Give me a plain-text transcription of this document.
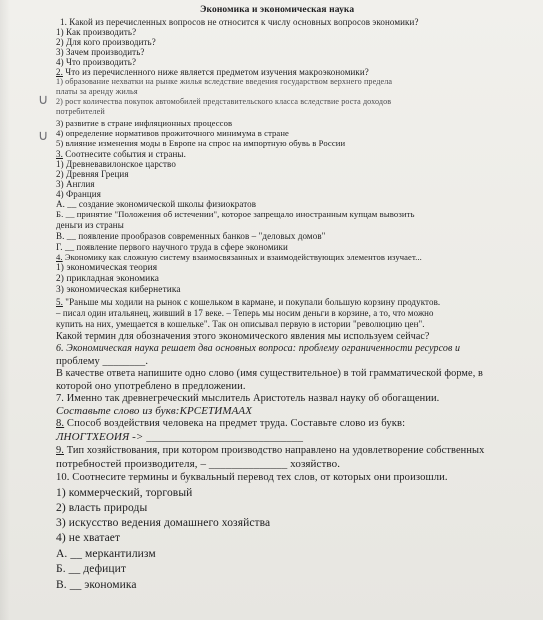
Экономика и экономическая наука
1. Какой из перечисленных вопросов не относится к числу основных вопросов экономики?
1) Как производить?
2) Для кого производить?
3) Зачем производить?
4) Что производить?
2. Что из перечисленного ниже является предметом изучения макроэкономики?
1) образование нехватки на рынке жилья вследствие введения государством верхнего предела
платы за аренду жилья
2) рост количества покупок автомобилей представительского класса вследствие роста доходов
потребителей
3) развитие в стране инфляционных процессов
4) определение нормативов прожиточного минимума в стране
5) влияние изменения моды в Европе на спрос на импортную обувь в России
3. Соотнесите события и страны.
1) Древневавилонское царство
2) Древняя Греция
3) Англия
4) Франция
А. __ создание экономической школы физиократов
Б. __ принятие "Положения об истечении", которое запрещало иностранным купцам вывозить
деньги из страны
В. __ появление прообразов современных банков – "деловых домов"
Г. __ появление первого научного труда в сфере экономики
4. Экономику как сложную систему взаимосвязанных и взаимодействующих элементов изучает...
1) экономическая теория
2) прикладная экономика
3) экономическая кибернетика
5. "Раньше мы ходили на рынок с кошельком в кармане, и покупали большую корзину продуктов.
– писал один итальянец, живший в 17 веке. – Теперь мы носим деньги в корзине, а то, что можно
купить на них, умещается в кошельке". Так он описывал первую в истории "революцию цен".
Какой термин для обозначения этого экономического явления мы используем сейчас?
6. Экономическая наука решает два основных вопроса: проблему ограниченности ресурсов и
проблему ________.
В качестве ответа напишите одно слово (имя существительное) в той грамматической форме, в
которой оно употреблено в предложении.
7. Именно так древнегреческий мыслитель Аристотель назвал науку об обогащении.
Составьте слово из букв:КРСЕТИМААХ
8. Способ воздействия человека на предмет труда. Составьте слово из букв:
ЛНОГТХЕОИЯ -> ____________________________
9. Тип хозяйствования, при котором производство направлено на удовлетворение собственных
потребностей производителя, – ______________ хозяйство.
10. Соотнесите термины и буквальный перевод тех слов, от которых они произошли.
1) коммерческий, торговый
2) власть природы
3) искусство ведения домашнего хозяйства
4) не хватает
А. __ меркантилизм
Б. __ дефицит
В. __ экономика
∪
∪
